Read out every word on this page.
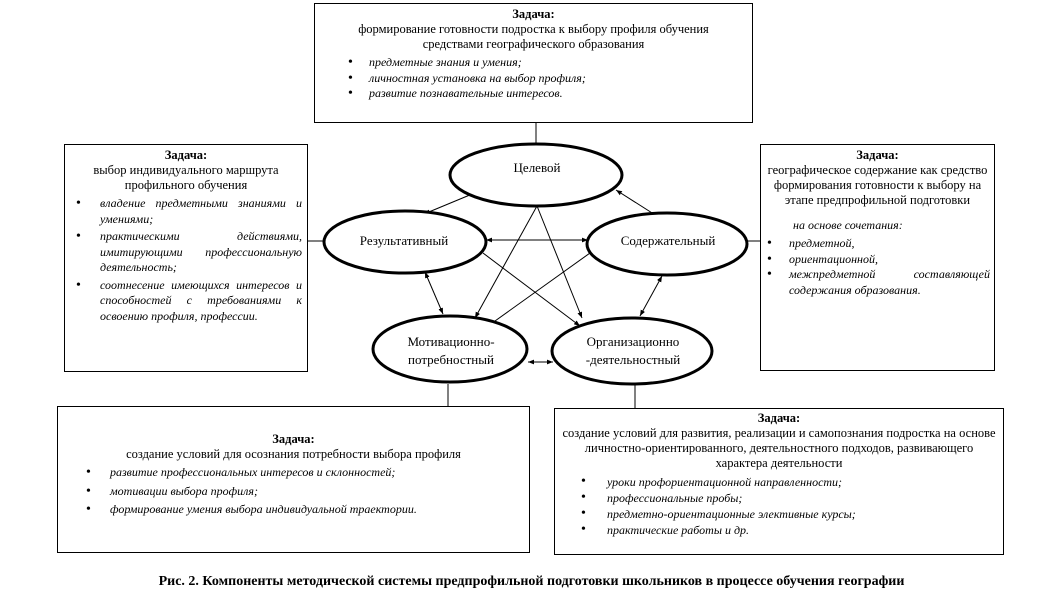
Целевой
Результативный	Содержательный
Мотивационно-
потребностный
Организационно
-деятельностный
Задача:
формирование готовности подростка к выбору профиля обучения
средствами географического образования
• предметные знания и умения;
• личностная установка на выбор профиля;
• развитие познавательные интересов.
Задача:
выбор индивидуального маршрута
профильного обучения
• владение предметными знаниями и умениями;
• практическими действиями, имитирующими профессиональную деятельность;
• соотнесение имеющихся интересов и способностей с требованиями к освоению профиля, профессии.
Задача:
географическое содержание как средство формирования готовности к выбору на этапе предпрофильной подготовки
на основе сочетания:
• предметной,
• ориентационной,
• межпредметной составляющей содержания образования.
Задача:
создание условий для осознания потребности выбора профиля
• развитие профессиональных интересов и склонностей;
• мотивации выбора профиля;
• формирование умения выбора индивидуальной траектории.
Задача:
создание условий для развития, реализации и самопознания подростка на основе личностно-ориентированного, деятельностного подходов, развивающего характера деятельности
• уроки профориентационной направленности;
• профессиональные пробы;
• предметно-ориентационные элективные курсы;
• практические работы и др.
Рис. 2. Компоненты методической системы предпрофильной подготовки школьников в процессе обучения географии
